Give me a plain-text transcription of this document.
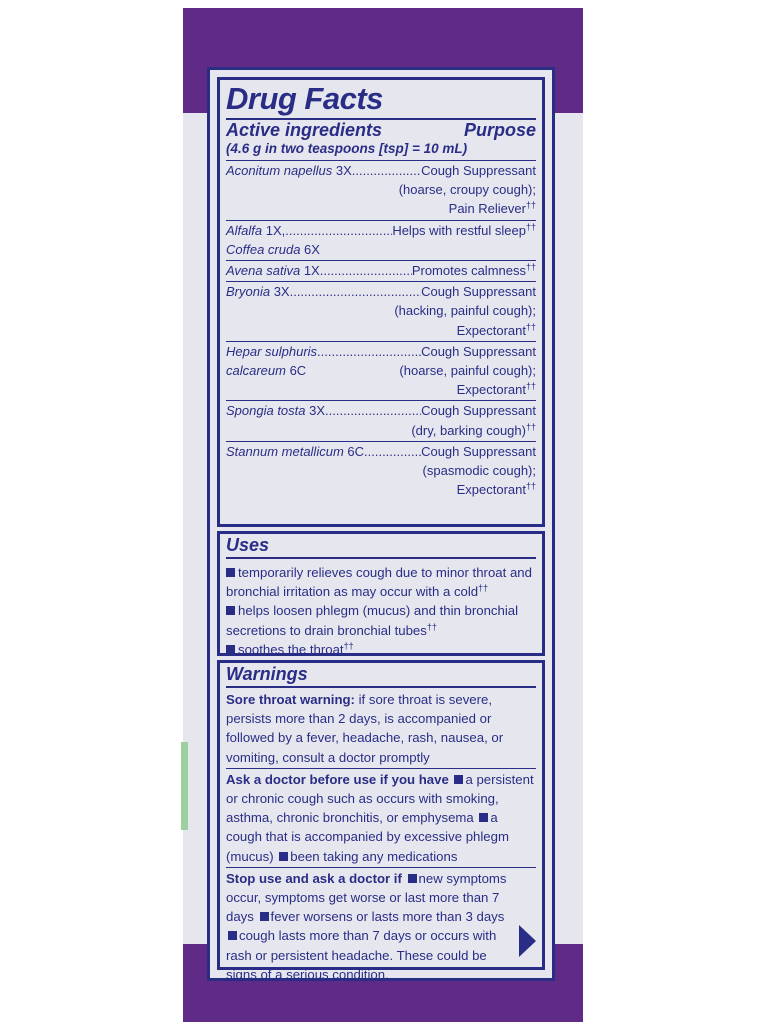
Drug Facts
Active ingredients	Purpose
(4.6 g in two teaspoons [tsp] = 10 mL)
Aconitum napellus 3X .....	Cough Suppressant
(hoarse, croupy cough);
Pain Reliever††
Alfalfa 1X, .....	Helps with restful sleep††
Coffea cruda 6X
Avena sativa 1X .....	Promotes calmness††
Bryonia 3X .....	Cough Suppressant
(hacking, painful cough);
Expectorant††
Hepar sulphuris .....	Cough Suppressant
calcareum 6C	(hoarse, painful cough);
Expectorant††
Spongia tosta 3X .....	Cough Suppressant
(dry, barking cough)††
Stannum metallicum 6C .....	Cough Suppressant
(spasmodic cough);
Expectorant††
Uses
temporarily relieves cough due to minor throat and bronchial irritation as may occur with a cold††
helps loosen phlegm (mucus) and thin bronchial secretions to drain bronchial tubes††
soothes the throat††
Warnings
Sore throat warning: if sore throat is severe, persists more than 2 days, is accompanied or followed by a fever, headache, rash, nausea, or vomiting, consult a doctor promptly
Ask a doctor before use if you have a persistent or chronic cough such as occurs with smoking, asthma, chronic bronchitis, or emphysema a cough that is accompanied by excessive phlegm (mucus) been taking any medications
Stop use and ask a doctor if new symptoms occur, symptoms get worse or last more than 7 days fever worsens or lasts more than 3 days cough lasts more than 7 days or occurs with rash or persistent headache. These could be signs of a serious condition.
